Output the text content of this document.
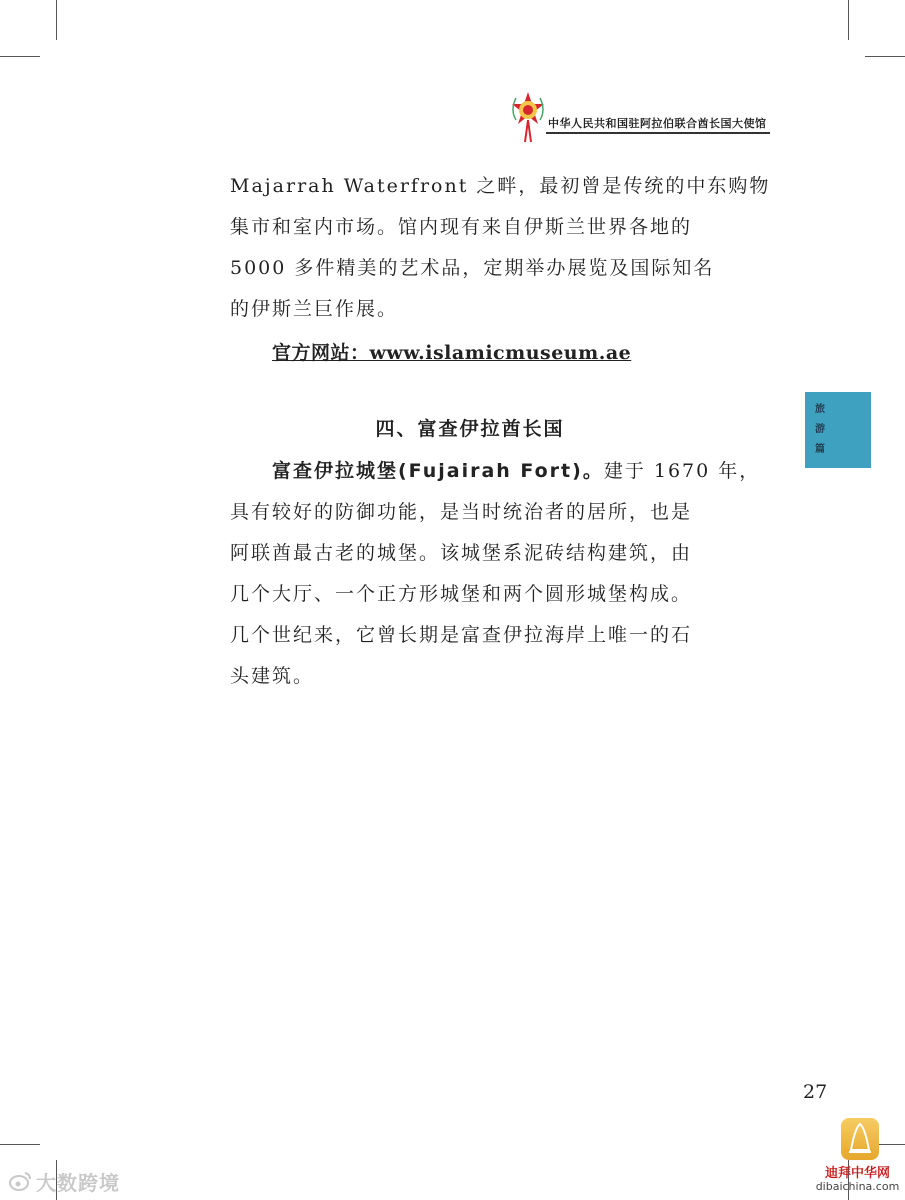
中华人民共和国驻阿拉伯联合酋长国大使馆
Majarrah Waterfront 之畔，最初曾是传统的中东购物
集市和室内市场。馆内现有来自伊斯兰世界各地的
5000 多件精美的艺术品，定期举办展览及国际知名
的伊斯兰巨作展。
官方网站：www.islamicmuseum.ae
四、富查伊拉酋长国
富查伊拉城堡(Fujairah Fort)。建于 1670 年，
具有较好的防御功能，是当时统治者的居所，也是
阿联酋最古老的城堡。该城堡系泥砖结构建筑，由
几个大厅、一个正方形城堡和两个圆形城堡构成。
几个世纪来，它曾长期是富查伊拉海岸上唯一的石
头建筑。
旅游篇
27
大数跨境	迪拜中华网
dibaichina.com
